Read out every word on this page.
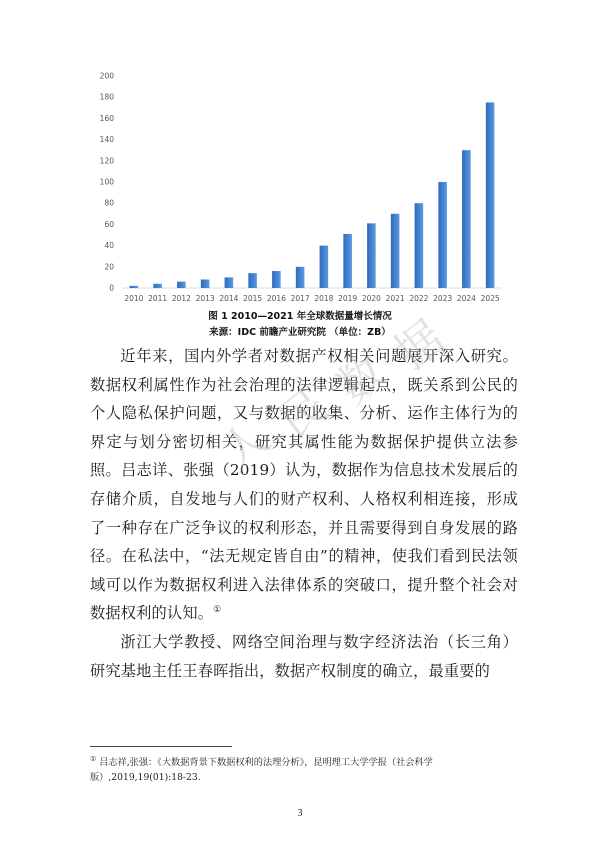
0
20
40
60
80
100
120
140
160
180
200
2010 2011 2012 2013 2014 2015 2016 2017 2018 2019 2020 2021 2022 2023 2024 2025

图 1 2010—2021 年全球数据量增长情况

来源：IDC 前瞻产业研究院 （单位：ZB）

近年来，国内外学者对数据产权相关问题展开深入研究。数据权利属性作为社会治理的法律逻辑起点，既关系到公民的个人隐私保护问题，又与数据的收集、分析、运作主体行为的界定与划分密切相关，研究其属性能为数据保护提供立法参照。吕志详、张强（2019）认为，数据作为信息技术发展后的存储介质，自发地与人们的财产权利、人格权利相连接，形成了一种存在广泛争议的权利形态，并且需要得到自身发展的路径。在私法中，“法无规定皆自由”的精神，使我们看到民法领域可以作为数据权利进入法律体系的突破口，提升整个社会对数据权利的认知。①

浙江大学教授、网络空间治理与数字经济法治（长三角）研究基地主任王春晖指出，数据产权制度的确立，最重要的

人
民
数
据

① 吕志祥,张强：《大数据背景下数据权利的法理分析》，昆明理工大学学报（社会科学版）,2019,19(01):18-23.

3
